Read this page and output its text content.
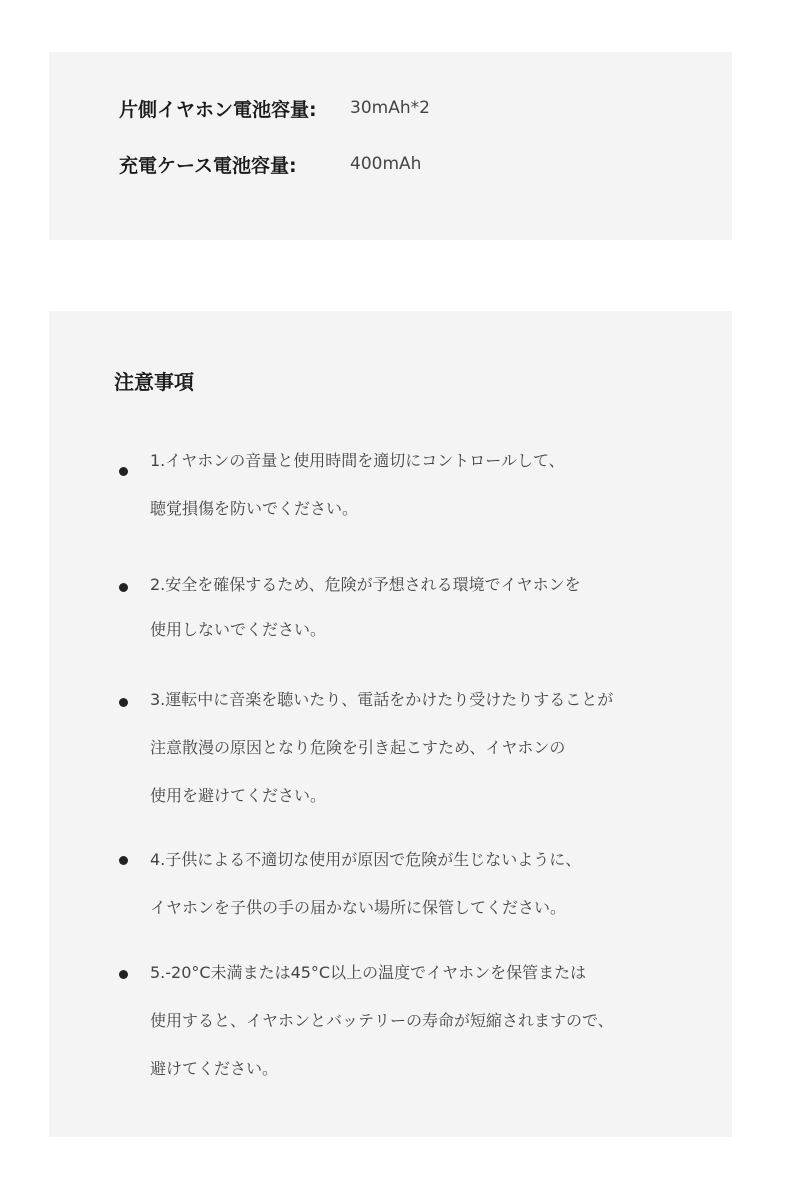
片側イヤホン電池容量:	30mAh*2
充電ケース電池容量:	400mAh
注意事項
1.イヤホンの音量と使用時間を適切にコントロールして、
聴覚損傷を防いでください。
2.安全を確保するため、危険が予想される環境でイヤホンを
使用しないでください。
3.運転中に音楽を聴いたり、電話をかけたり受けたりすることが
注意散漫の原因となり危険を引き起こすため、イヤホンの
使用を避けてください。
4.子供による不適切な使用が原因で危険が生じないように、
イヤホンを子供の手の届かない場所に保管してください。
5.-20°C未満または45°C以上の温度でイヤホンを保管または
使用すると、イヤホンとバッテリーの寿命が短縮されますので、
避けてください。
